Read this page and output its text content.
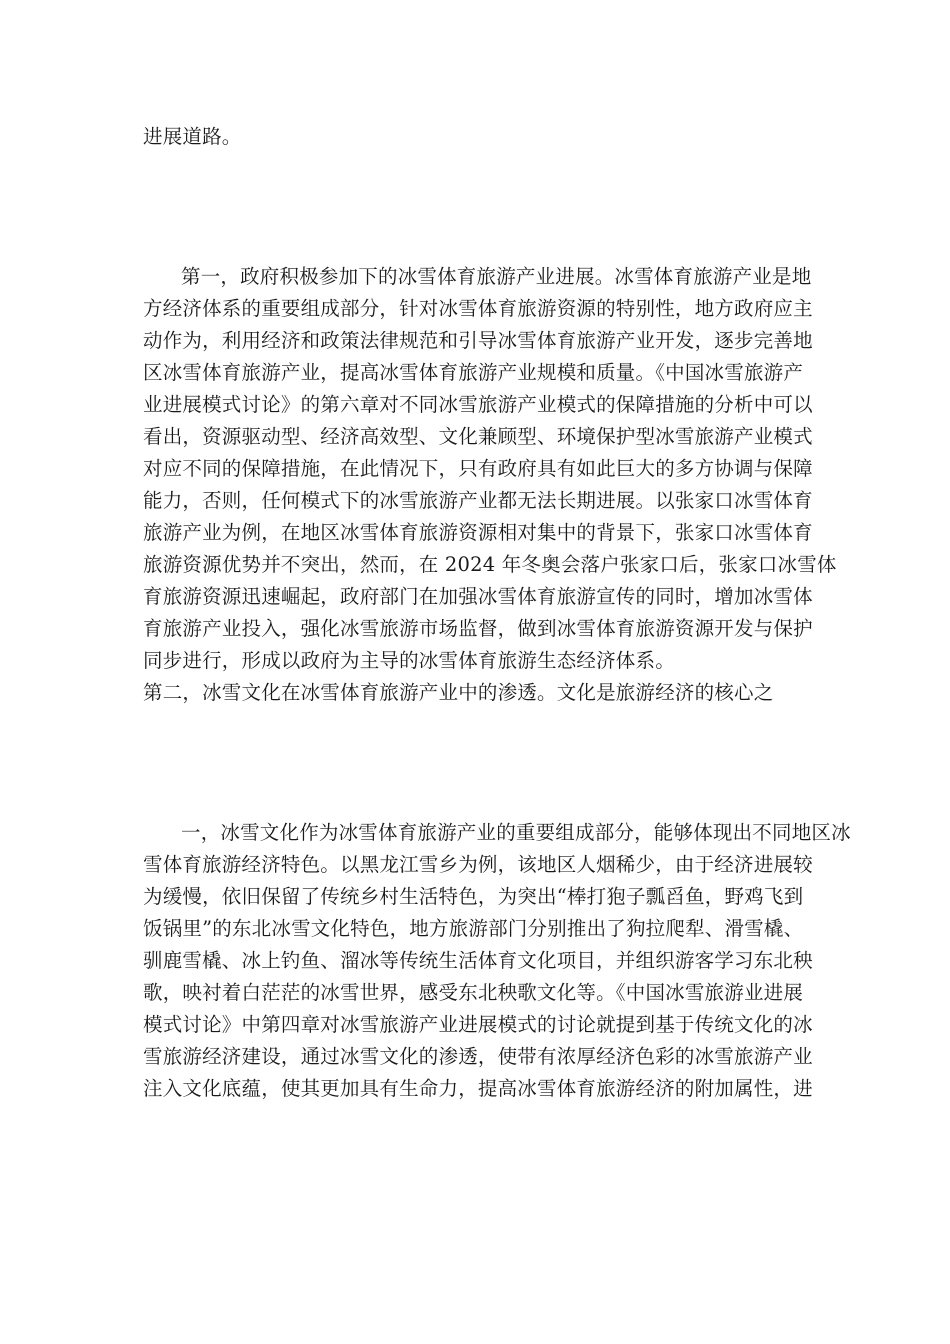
进展道路。
第一，政府积极参加下的冰雪体育旅游产业进展。冰雪体育旅游产业是地
方经济体系的重要组成部分，针对冰雪体育旅游资源的特别性，地方政府应主
动作为，利用经济和政策法律规范和引导冰雪体育旅游产业开发，逐步完善地
区冰雪体育旅游产业，提高冰雪体育旅游产业规模和质量。《中国冰雪旅游产
业进展模式讨论》的第六章对不同冰雪旅游产业模式的保障措施的分析中可以
看出，资源驱动型、经济高效型、文化兼顾型、环境保护型冰雪旅游产业模式
对应不同的保障措施，在此情况下，只有政府具有如此巨大的多方协调与保障
能力，否则，任何模式下的冰雪旅游产业都无法长期进展。以张家口冰雪体育
旅游产业为例，在地区冰雪体育旅游资源相对集中的背景下，张家口冰雪体育
旅游资源优势并不突出，然而，在 2024 年冬奥会落户张家口后，张家口冰雪体
育旅游资源迅速崛起，政府部门在加强冰雪体育旅游宣传的同时，增加冰雪体
育旅游产业投入，强化冰雪旅游市场监督，做到冰雪体育旅游资源开发与保护
同步进行，形成以政府为主导的冰雪体育旅游生态经济体系。
第二，冰雪文化在冰雪体育旅游产业中的渗透。文化是旅游经济的核心之
一，冰雪文化作为冰雪体育旅游产业的重要组成部分，能够体现出不同地区冰
雪体育旅游经济特色。以黑龙江雪乡为例，该地区人烟稀少，由于经济进展较
为缓慢，依旧保留了传统乡村生活特色，为突出“棒打狍子瓢舀鱼，野鸡飞到
饭锅里”的东北冰雪文化特色，地方旅游部门分别推出了狗拉爬犁、滑雪橇、
驯鹿雪橇、冰上钓鱼、溜冰等传统生活体育文化项目，并组织游客学习东北秧
歌，映衬着白茫茫的冰雪世界，感受东北秧歌文化等。《中国冰雪旅游业进展
模式讨论》中第四章对冰雪旅游产业进展模式的讨论就提到基于传统文化的冰
雪旅游经济建设，通过冰雪文化的渗透，使带有浓厚经济色彩的冰雪旅游产业
注入文化底蕴，使其更加具有生命力，提高冰雪体育旅游经济的附加属性，进
